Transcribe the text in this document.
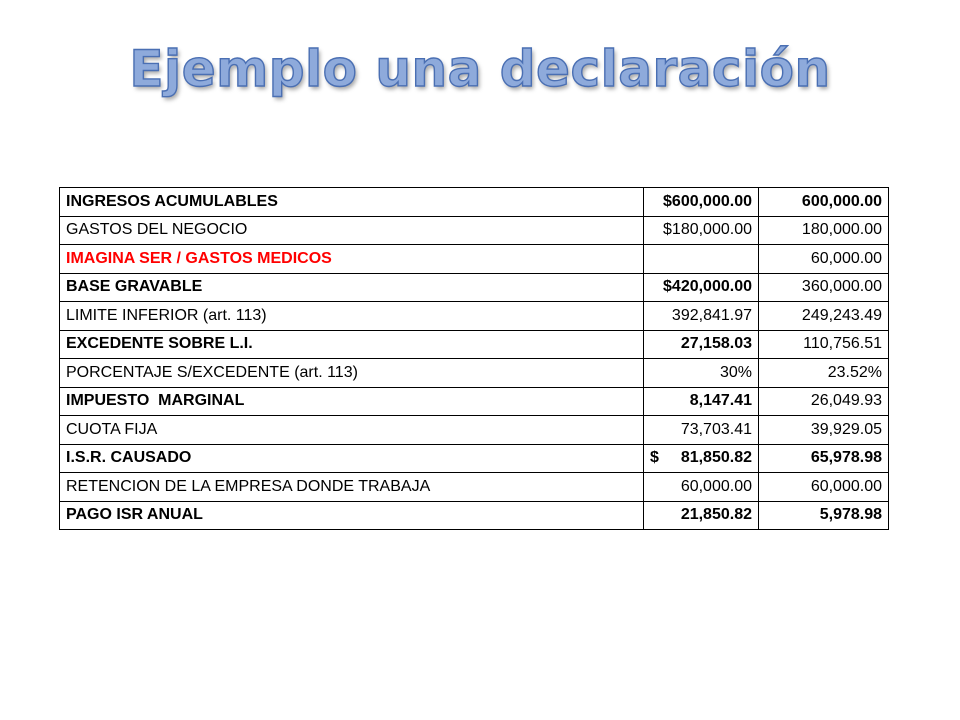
Ejemplo una declaración
INGRESOS ACUMULABLES	$600,000.00	600,000.00
GASTOS DEL NEGOCIO	$180,000.00	180,000.00
IMAGINA SER / GASTOS MEDICOS		60,000.00
BASE GRAVABLE	$420,000.00	360,000.00
LIMITE INFERIOR (art. 113)	392,841.97	249,243.49
EXCEDENTE SOBRE L.I.	27,158.03	110,756.51
PORCENTAJE S/EXCEDENTE (art. 113)	30%	23.52%
IMPUESTO  MARGINAL	8,147.41	26,049.93
CUOTA FIJA	73,703.41	39,929.05
I.S.R. CAUSADO	$ 81,850.82	65,978.98
RETENCION DE LA EMPRESA DONDE TRABAJA	60,000.00	60,000.00
PAGO ISR ANUAL	21,850.82	5,978.98
